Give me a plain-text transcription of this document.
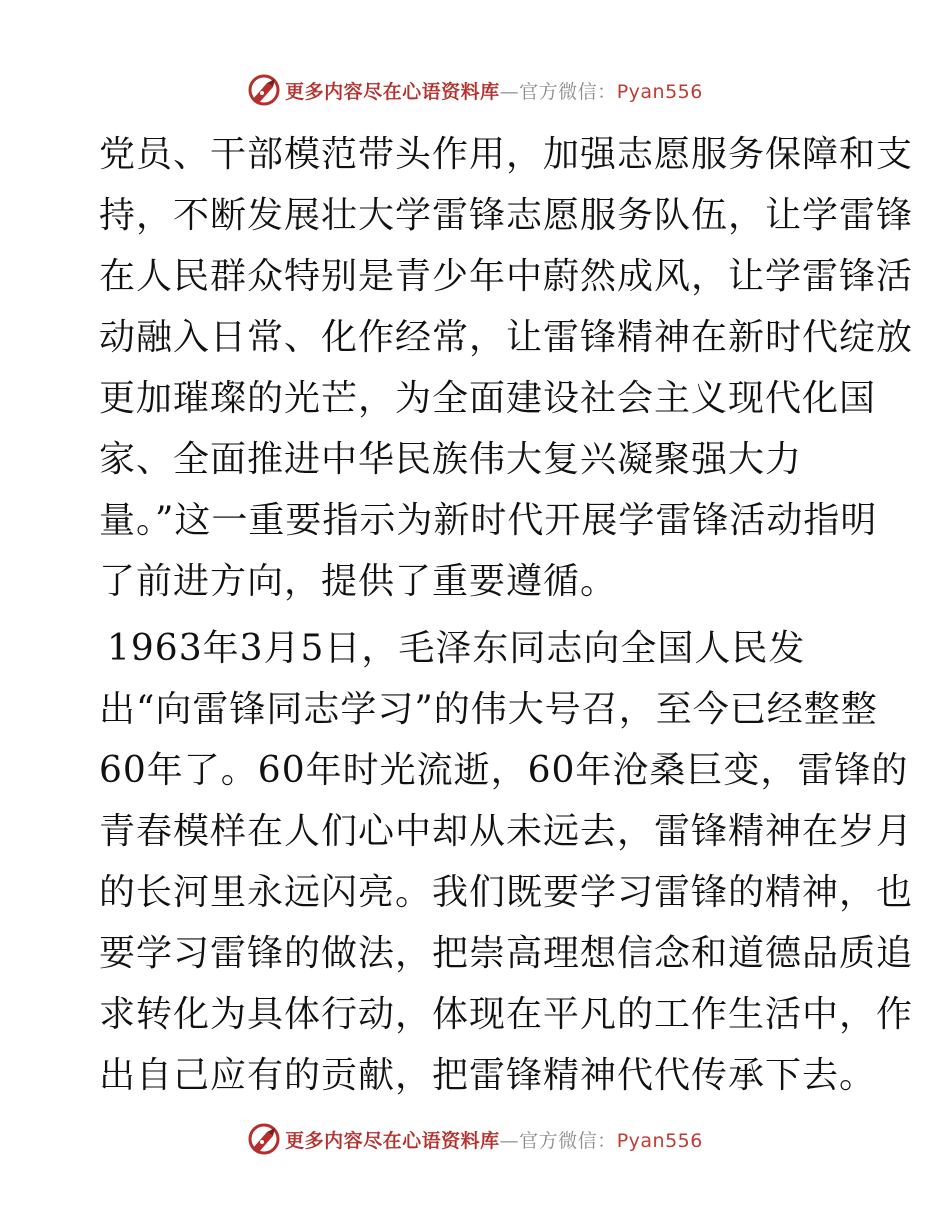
更多内容尽在心语资料库—官方微信：Pyan556
党员、干部模范带头作用，加强志愿服务保障和支
持，不断发展壮大学雷锋志愿服务队伍，让学雷锋
在人民群众特别是青少年中蔚然成风，让学雷锋活
动融入日常、化作经常，让雷锋精神在新时代绽放
更加璀璨的光芒，为全面建设社会主义现代化国
家、全面推进中华民族伟大复兴凝聚强大力
量。”这一重要指示为新时代开展学雷锋活动指明
了前进方向，提供了重要遵循。
1963年3月5日，毛泽东同志向全国人民发
出“向雷锋同志学习”的伟大号召，至今已经整整
60年了。60年时光流逝，60年沧桑巨变，雷锋的
青春模样在人们心中却从未远去，雷锋精神在岁月
的长河里永远闪亮。我们既要学习雷锋的精神，也
要学习雷锋的做法，把崇高理想信念和道德品质追
求转化为具体行动，体现在平凡的工作生活中，作
出自己应有的贡献，把雷锋精神代代传承下去。
更多内容尽在心语资料库—官方微信：Pyan556
